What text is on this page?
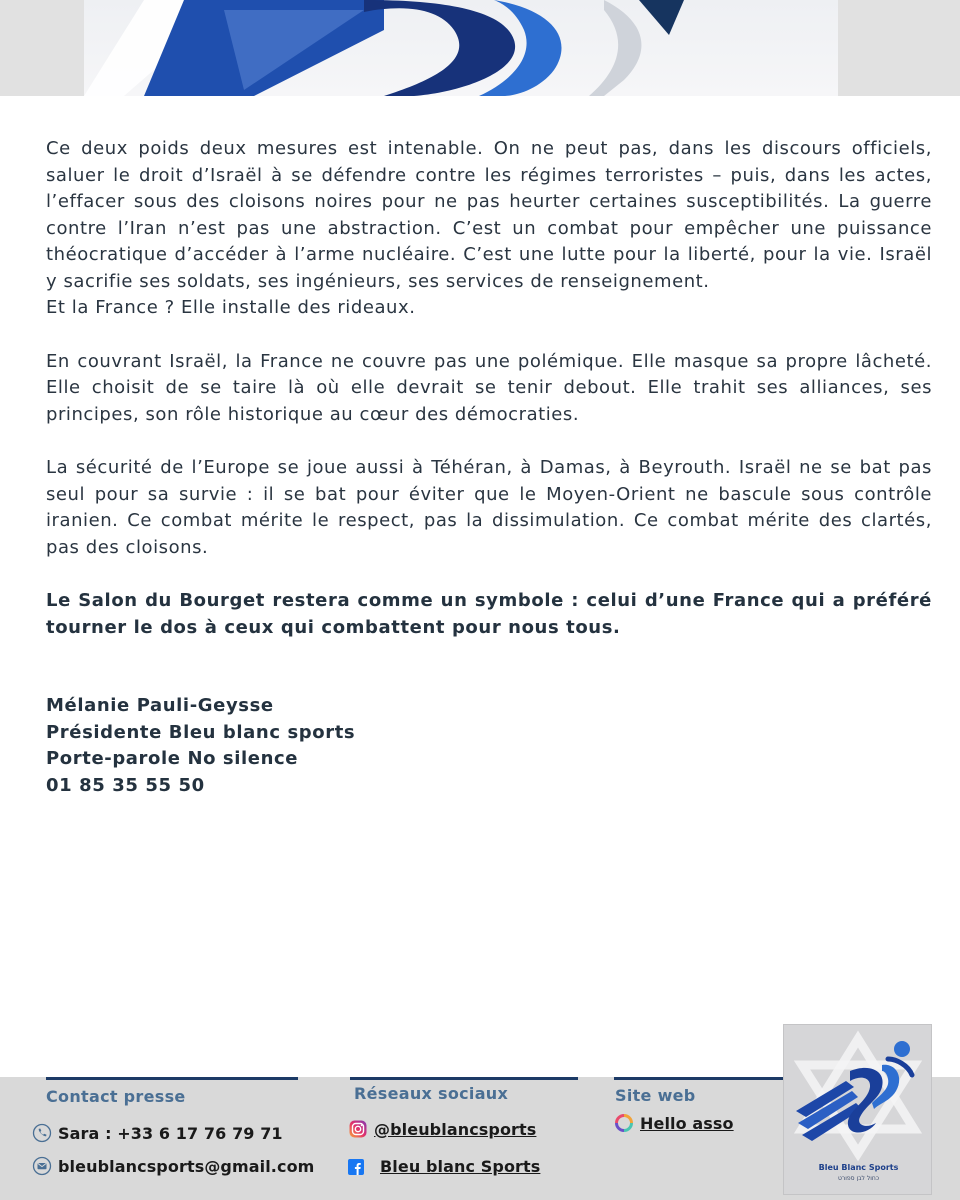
Ce deux poids deux mesures est intenable. On ne peut pas, dans les discours officiels, saluer le droit d’Israël à se défendre contre les régimes terroristes – puis, dans les actes, l’effacer sous des cloisons noires pour ne pas heurter certaines susceptibilités. La guerre contre l’Iran n’est pas une abstraction. C’est un combat pour empêcher une puissance théocratique d’accéder à l’arme nucléaire. C’est une lutte pour la liberté, pour la vie. Israël y sacrifie ses soldats, ses ingénieurs, ses services de renseignement.
Et la France ? Elle installe des rideaux.

En couvrant Israël, la France ne couvre pas une polémique. Elle masque sa propre lâcheté. Elle choisit de se taire là où elle devrait se tenir debout. Elle trahit ses alliances, ses principes, son rôle historique au cœur des démocraties.

La sécurité de l’Europe se joue aussi à Téhéran, à Damas, à Beyrouth. Israël ne se bat pas seul pour sa survie : il se bat pour éviter que le Moyen-Orient ne bascule sous contrôle iranien. Ce combat mérite le respect, pas la dissimulation. Ce combat mérite des clartés, pas des cloisons.

Le Salon du Bourget restera comme un symbole : celui d’une France qui a préféré tourner le dos à ceux qui combattent pour nous tous.

Mélanie Pauli-Geysse
Présidente Bleu blanc sports
Porte-parole No silence
01 85 35 55 50
Contact presse
Sara : +33 6 17 76 79 71
bleublancsports@gmail.com
Réseaux sociaux
@bleublancsports
Bleu blanc Sports
Site web
Hello asso
Bleu Blanc Sports
כחול לבן ספורט
